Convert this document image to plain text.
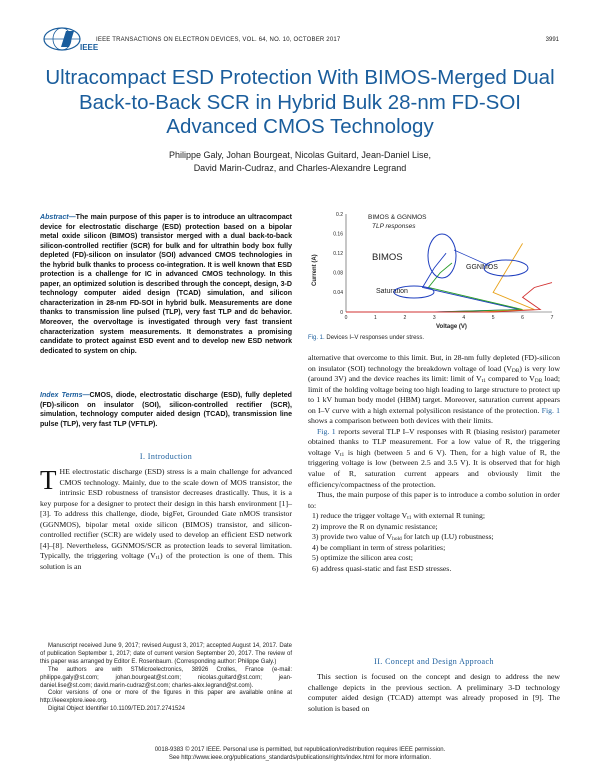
IEEE
IEEE TRANSACTIONS ON ELECTRON DEVICES, VOL. 64, NO. 10, OCTOBER 2017	3991
Ultracompact ESD Protection With BIMOS-Merged Dual Back-to-Back SCR in Hybrid Bulk 28-nm FD-SOI Advanced CMOS Technology
Philippe Galy, Johan Bourgeat, Nicolas Guitard, Jean-Daniel Lise,
David Marin-Cudraz, and Charles-Alexandre Legrand
Abstract—The main purpose of this paper is to introduce an ultracompact device for electrostatic discharge (ESD) protection based on a bipolar metal oxide silicon (BIMOS) transistor merged with a dual back-to-back silicon-controlled rectifier (SCR) for bulk and for ultrathin body box fully depleted (FD)-silicon on insulator (SOI) advanced CMOS technologies in the hybrid bulk thanks to process co-integration. It is well known that ESD protection is a challenge for IC in advanced CMOS technology. In this paper, an optimized solution is described through the concept, design, 3-D technology computer aided design (TCAD) simulation, and silicon characterization in 28-nm FD-SOI in hybrid bulk. Measurements are done thanks to transmission line pulsed (TLP), very fast TLP and dc behavior. Moreover, the overvoltage is investigated through very fast transient characterization system measurements. It demonstrates a promising candidate to protect against ESD event and to develop new ESD network dedicated to system on chip.
Index Terms—CMOS, diode, electrostatic discharge (ESD), fully depleted (FD)-silicon on insulator (SOI), silicon-controlled rectifier (SCR), simulation, technology computer aided design (TCAD), transmission line pulse (TLP), very fast TLP (VFTLP).
I. Introduction
THE electrostatic discharge (ESD) stress is a main challenge for advanced CMOS technology. Mainly, due to the scale down of MOS transistor, the intrinsic ESD robustness of transistor decreases drastically. Thus, it is a key purpose for a designer to protect their design in this harsh environment [1]–[3]. To address this challenge, diode, bigFet, Grounded Gate nMOS transistor (GGNMOS), bipolar metal oxide silicon (BIMOS) transistor, and silicon-controlled rectifier (SCR) are widely used to develop an efficient ESD network [4]–[8]. Nevertheless, GGNMOS/SCR as protection leads to several limitation. Typically, the triggering voltage $(V_{t1})$ of the protection is one of them. This solution is an

Manuscript received June 9, 2017; revised August 3, 2017; accepted August 14, 2017. Date of publication September 1, 2017; date of current version September 20, 2017. The review of this paper was arranged by Editor E. Rosenbaum. (Corresponding author: Philippe Galy.)

The authors are with STMicroelectronics, 38926 Crolles, France (e-mail: philippe.galy@st.com; johan.bourgeat@st.com; nicolas.guitard@st.com; jean-daniel.lise@st.com; david.marin-cudraz@st.com; charles-alex.legrand@st.com).

Color versions of one or more of the figures in this paper are available online at http://ieeexplore.ieee.org.

Digital Object Identifier 10.1109/TED.2017.2741524

0.2
0.16
0.12
0.08
0.04
0
0	1	2	3	4	5	6	7
BIMOS & GGNMOS
TLP responses
BIMOS
GGNMOS
Saturation
Voltage (V)
Current (A)
Fig. 1. Devices I–V responses under stress.

alternative that overcome to this limit. But, in 28-nm fully depleted (FD)-silicon on insulator (SOI) technology the breakdown voltage of load $(V_{DB})$ is very low (around 3V) and the device reaches its limit: limit of $V_{t1}$ compared to $V_{DB}$ load; limit of the holding voltage being too high leading to large structure to protect up to 1 kV human body model (HBM) target. Moreover, saturation current appears on I–V curve with a high external polysilicon resistance of the protection. Fig. 1 shows a comparison between both devices with their limits.

Fig. 1 reports several TLP I–V responses with R (biasing resistor) parameter obtained thanks to TLP measurement. For a low value of R, the triggering voltage $V_{t1}$ is high (between 5 and 6 V). Then, for a high value of R, the triggering voltage is low (between 2.5 and 3.5 V). It is observed that for high value of R, saturation current appears and obviously limit the efficiency/compactness of the protection.

Thus, the main purpose of this paper is to introduce a combo solution in order to:

1) reduce the trigger voltage $V_{t1}$ with external R tuning;
2) improve the R on dynamic resistance;
3) provide two value of $V_{hold}$ for latch up (LU) robustness;
4) be compliant in term of stress polarities;
5) optimize the silicon area cost;
6) address quasi-static and fast ESD stresses.
II. Concept and Design Approach

This section is focused on the concept and design to address the new challenge depicts in the previous section. A preliminary 3-D technology computer aided design (TCAD) attempt was already proposed in [9]. The solution is based on

0018-9383 © 2017 IEEE. Personal use is permitted, but republication/redistribution requires IEEE permission.
See http://www.ieee.org/publications_standards/publications/rights/index.html for more information.
